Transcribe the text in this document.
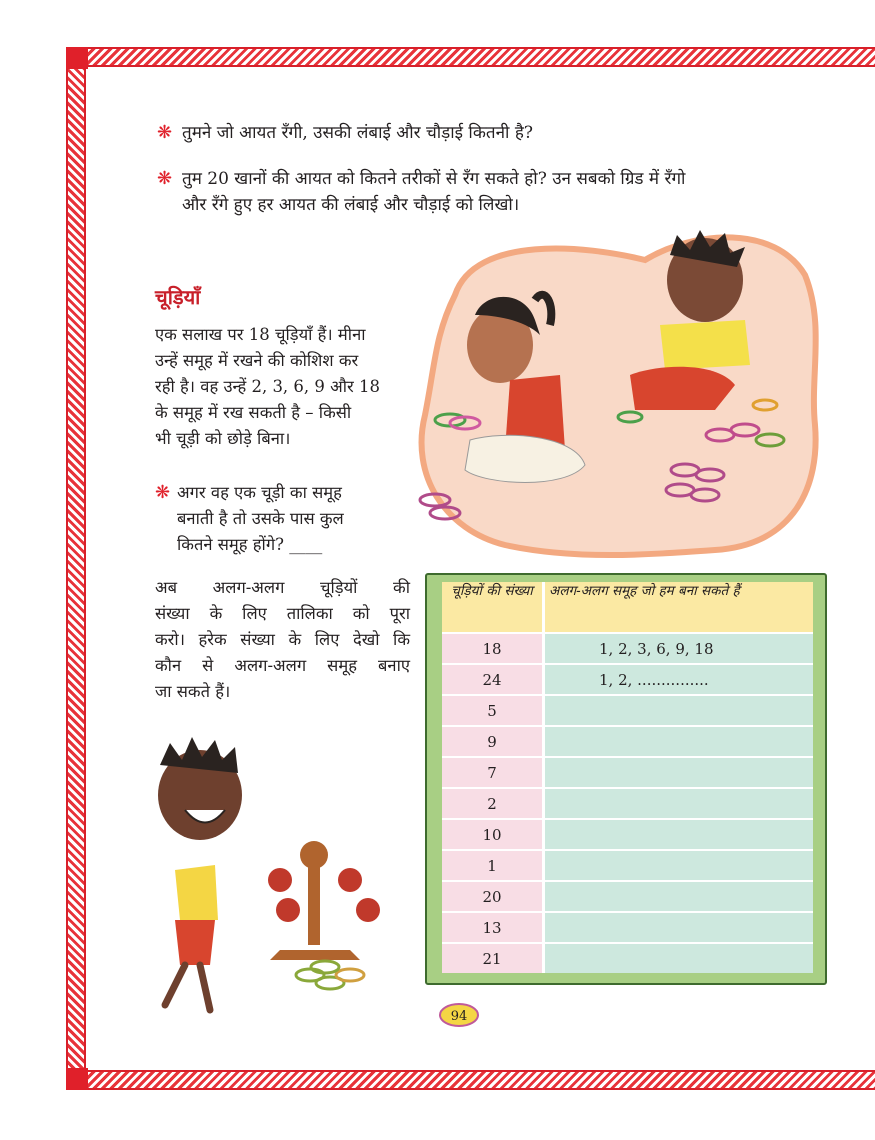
❋ तुमने जो आयत रँगी, उसकी लंबाई और चौड़ाई कितनी है?
❋ तुम 20 खानों की आयत को कितने तरीकों से रँग सकते हो? उन सबको ग्रिड में रँगो
और रँगे हुए हर आयत की लंबाई और चौड़ाई को लिखो।
चूड़ियाँ
एक सलाख पर 18 चूड़ियाँ हैं। मीना
उन्हें समूह में रखने की कोशिश कर
रही है। वह उन्हें 2, 3, 6, 9 और 18
के समूह में रख सकती है – किसी
भी चूड़ी को छोड़े बिना।
❋ अगर वह एक चूड़ी का समूह
बनाती है तो उसके पास कुल
कितने समूह होंगे? ____
अब अलग-अलग चूड़ियों की
संख्या के लिए तालिका को पूरा
करो। हरेक संख्या के लिए देखो कि
कौन से अलग-अलग समूह बनाए
जा सकते हैं।
चूड़ियों की संख्या	अलग-अलग समूह जो हम बना सकते हैं
18	1, 2, 3, 6, 9, 18
24	1, 2, ...............
5	
9	
7	
2	
10	
1	
20	
13	
21	
94
